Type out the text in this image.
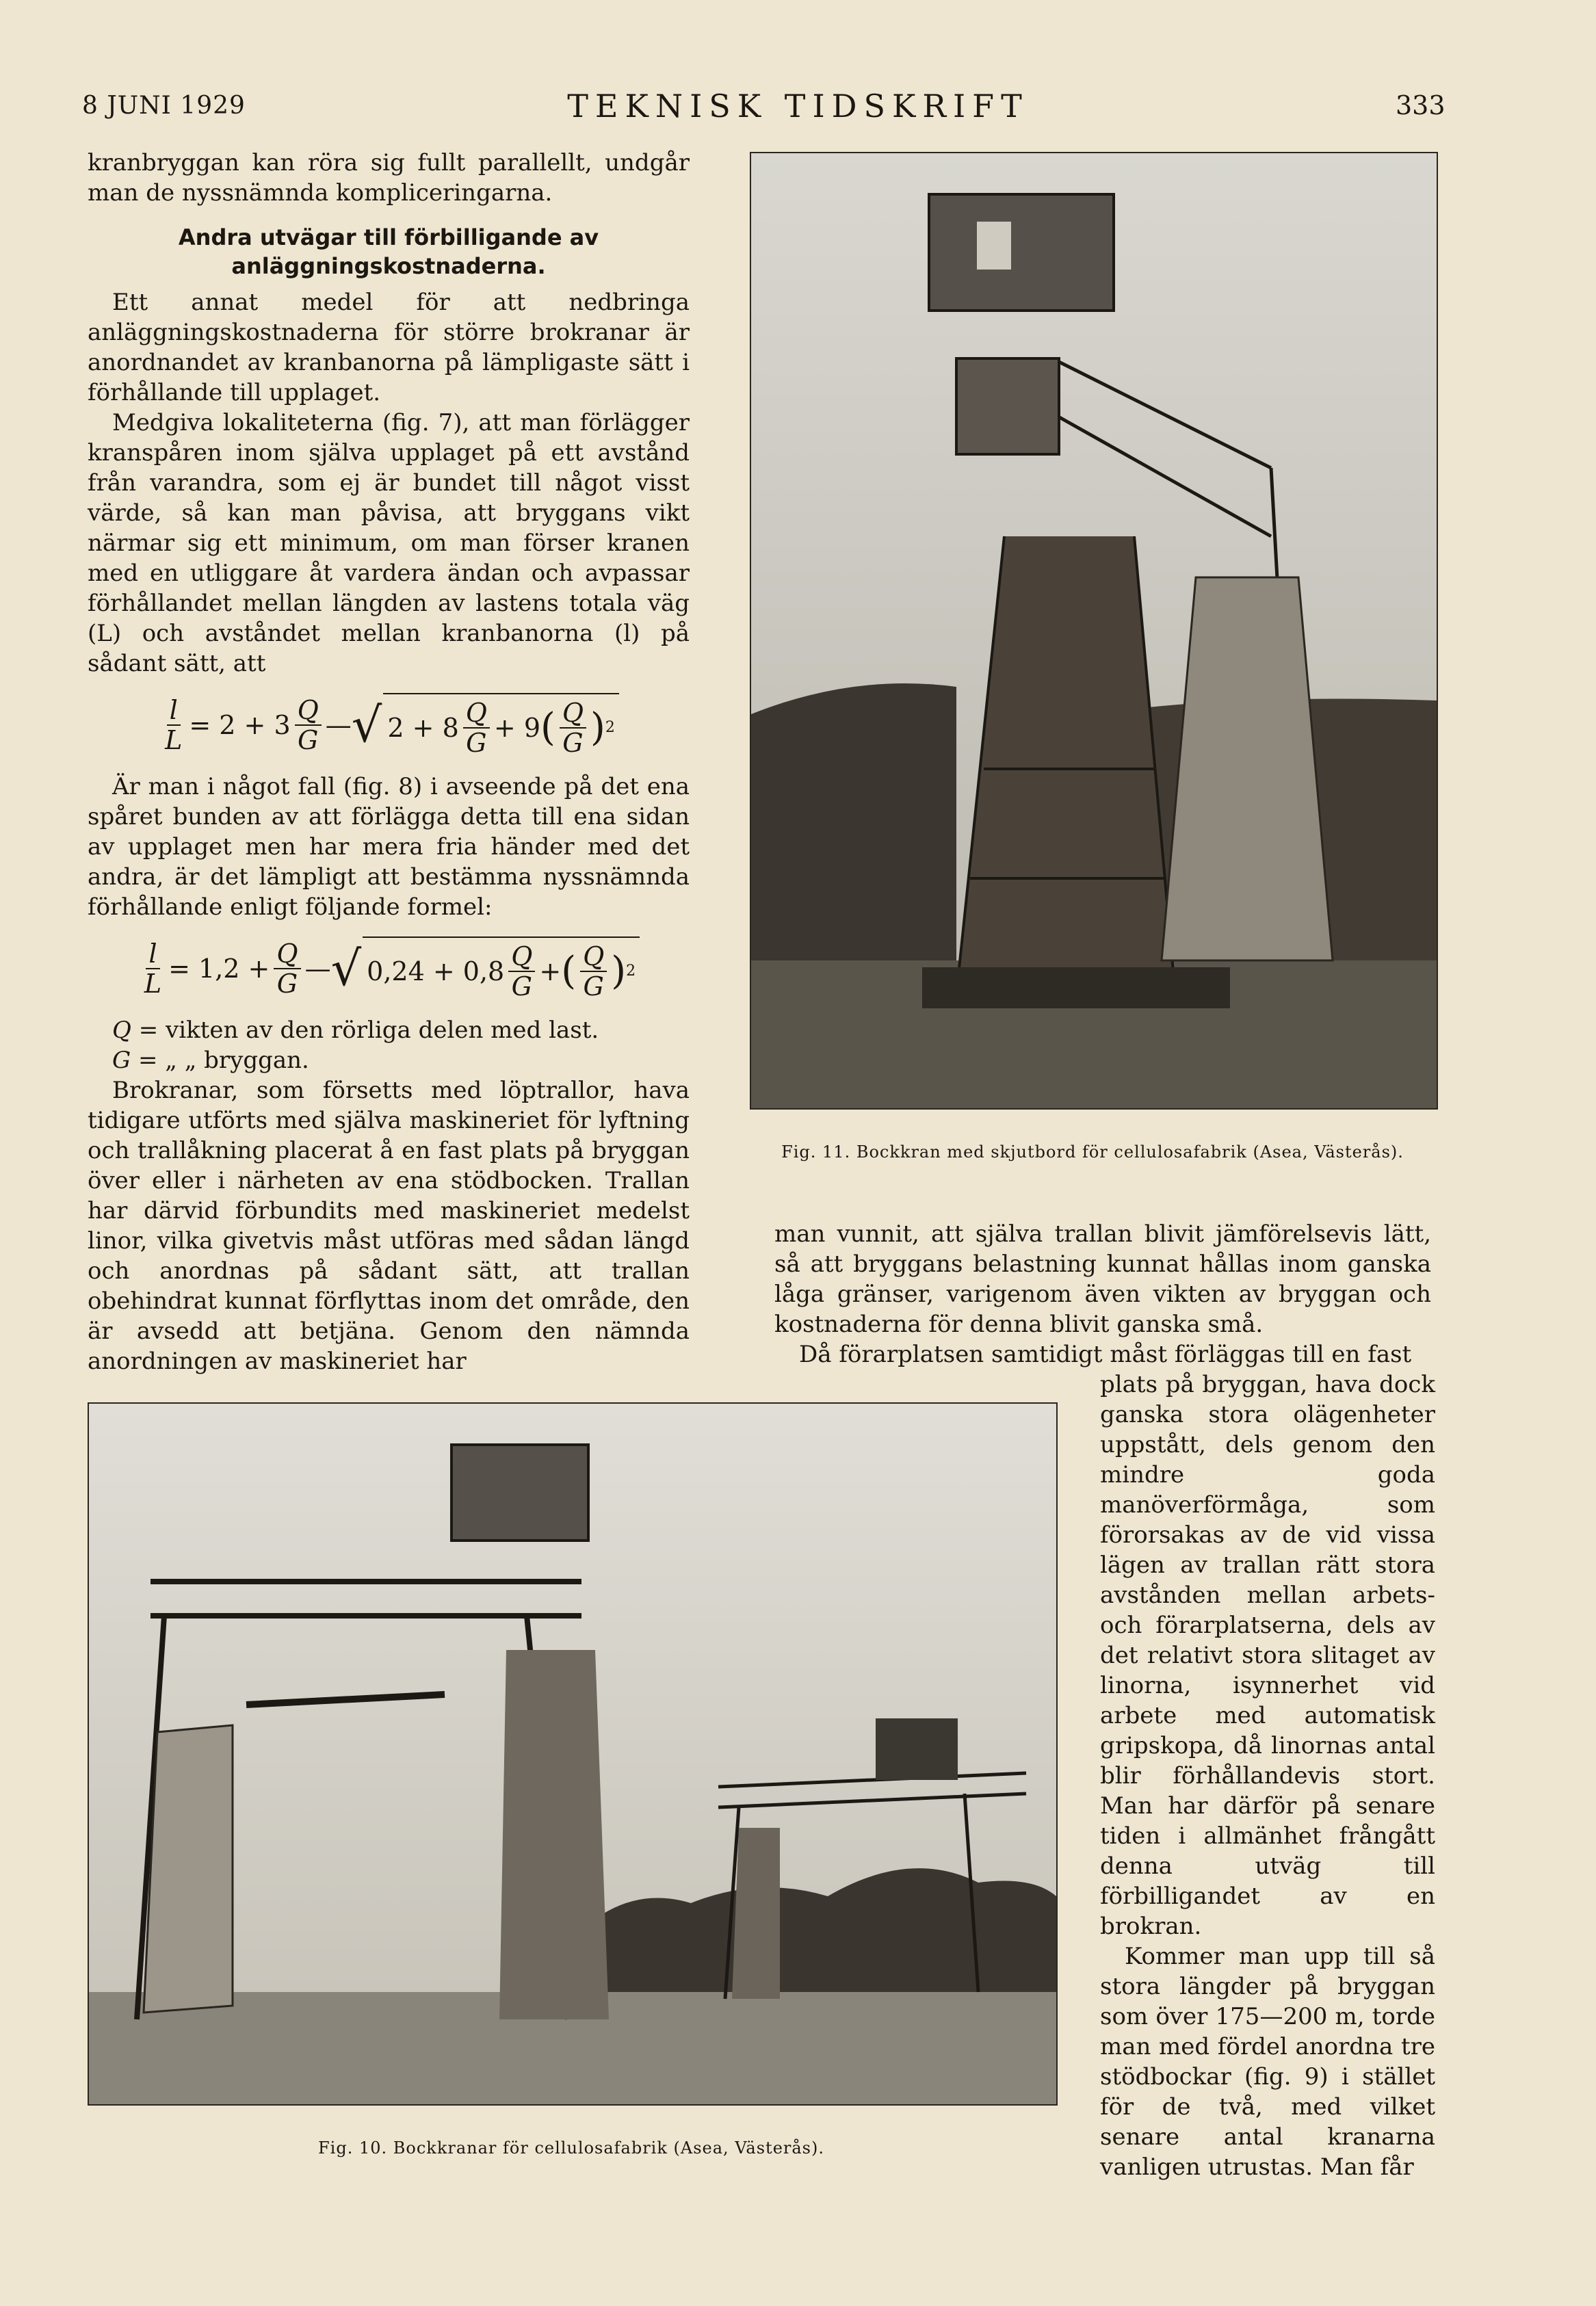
8 JUNI 1929	TEKNISK TIDSKRIFT	333

kranbryggan kan röra sig fullt parallellt, undgår man de nyssnämnda kompliceringarna.

Andra utvägar till förbilligande av anläggningskostnaderna.

Ett annat medel för att nedbringa anläggningskostnaderna för större brokranar är anordnandet av kranbanorna på lämpligaste sätt i förhållande till upplaget.

Medgiva lokaliteterna (fig. 7), att man förlägger kranspåren inom själva upplaget på ett avstånd från varandra, som ej är bundet till något visst värde, så kan man påvisa, att bryggans vikt närmar sig ett minimum, om man förser kranen med en utliggare åt vardera ändan och avpassar förhållandet mellan längden av lastens totala väg (L) och avståndet mellan kranbanorna (l) på sådant sätt, att

$\frac{l}{L} = 2 + 3 \frac{Q}{G}$ — √ $2 + 8 \frac{Q}{G} + 9$ ( $\frac{Q}{G}$ ) 2

Är man i något fall (fig. 8) i avseende på det ena spåret bunden av att förlägga detta till ena sidan av upplaget men har mera fria händer med det andra, är det lämpligt att bestämma nyssnämnda förhållande enligt följande formel:

$\frac{l}{L} = 1,2 + \frac{Q}{G}$ — √ $0,24 + 0,8 \frac{Q}{G}$ + ( $\frac{Q}{G}$ ) 2
Q = vikten av den rörliga delen med last.
G = „ „ bryggan.

Brokranar, som försetts med löptrallor, hava tidigare utförts med själva maskineriet för lyftning och trallåkning placerat å en fast plats på bryggan över eller i närheten av ena stödbocken. Trallan har därvid förbundits med maskineriet medelst linor, vilka givetvis måst utföras med sådan längd och anordnas på sådant sätt, att trallan obehindrat kunnat förflyttas inom det område, den är avsedd att betjäna. Genom den nämnda anordningen av maskineriet har

Fig. 11. Bockkran med skjutbord för cellulosafabrik (Asea, Västerås).

man vunnit, att själva trallan blivit jämförelsevis lätt, så att bryggans belastning kunnat hållas inom ganska låga gränser, varigenom även vikten av bryggan och kostnaderna för denna blivit ganska små.

Då förarplatsen samtidigt måst förläggas till en fast

plats på bryggan, hava dock ganska stora olägenheter uppstått, dels genom den mindre goda manöverförmåga, som förorsakas av de vid vissa lägen av trallan rätt stora avstånden mellan arbets- och förarplatserna, dels av det relativt stora slitaget av linorna, isynnerhet vid arbete med automatisk gripskopa, då linornas antal blir förhållandevis stort. Man har därför på senare tiden i allmänhet frångått denna utväg till förbilligandet av en brokran.

Kommer man upp till så stora längder på bryggan som över 175—200 m, torde man med fördel anordna tre stödbockar (fig. 9) i stället för de två, med vilket senare antal kranarna vanligen utrustas. Man får

Fig. 10. Bockkranar för cellulosafabrik (Asea, Västerås).
